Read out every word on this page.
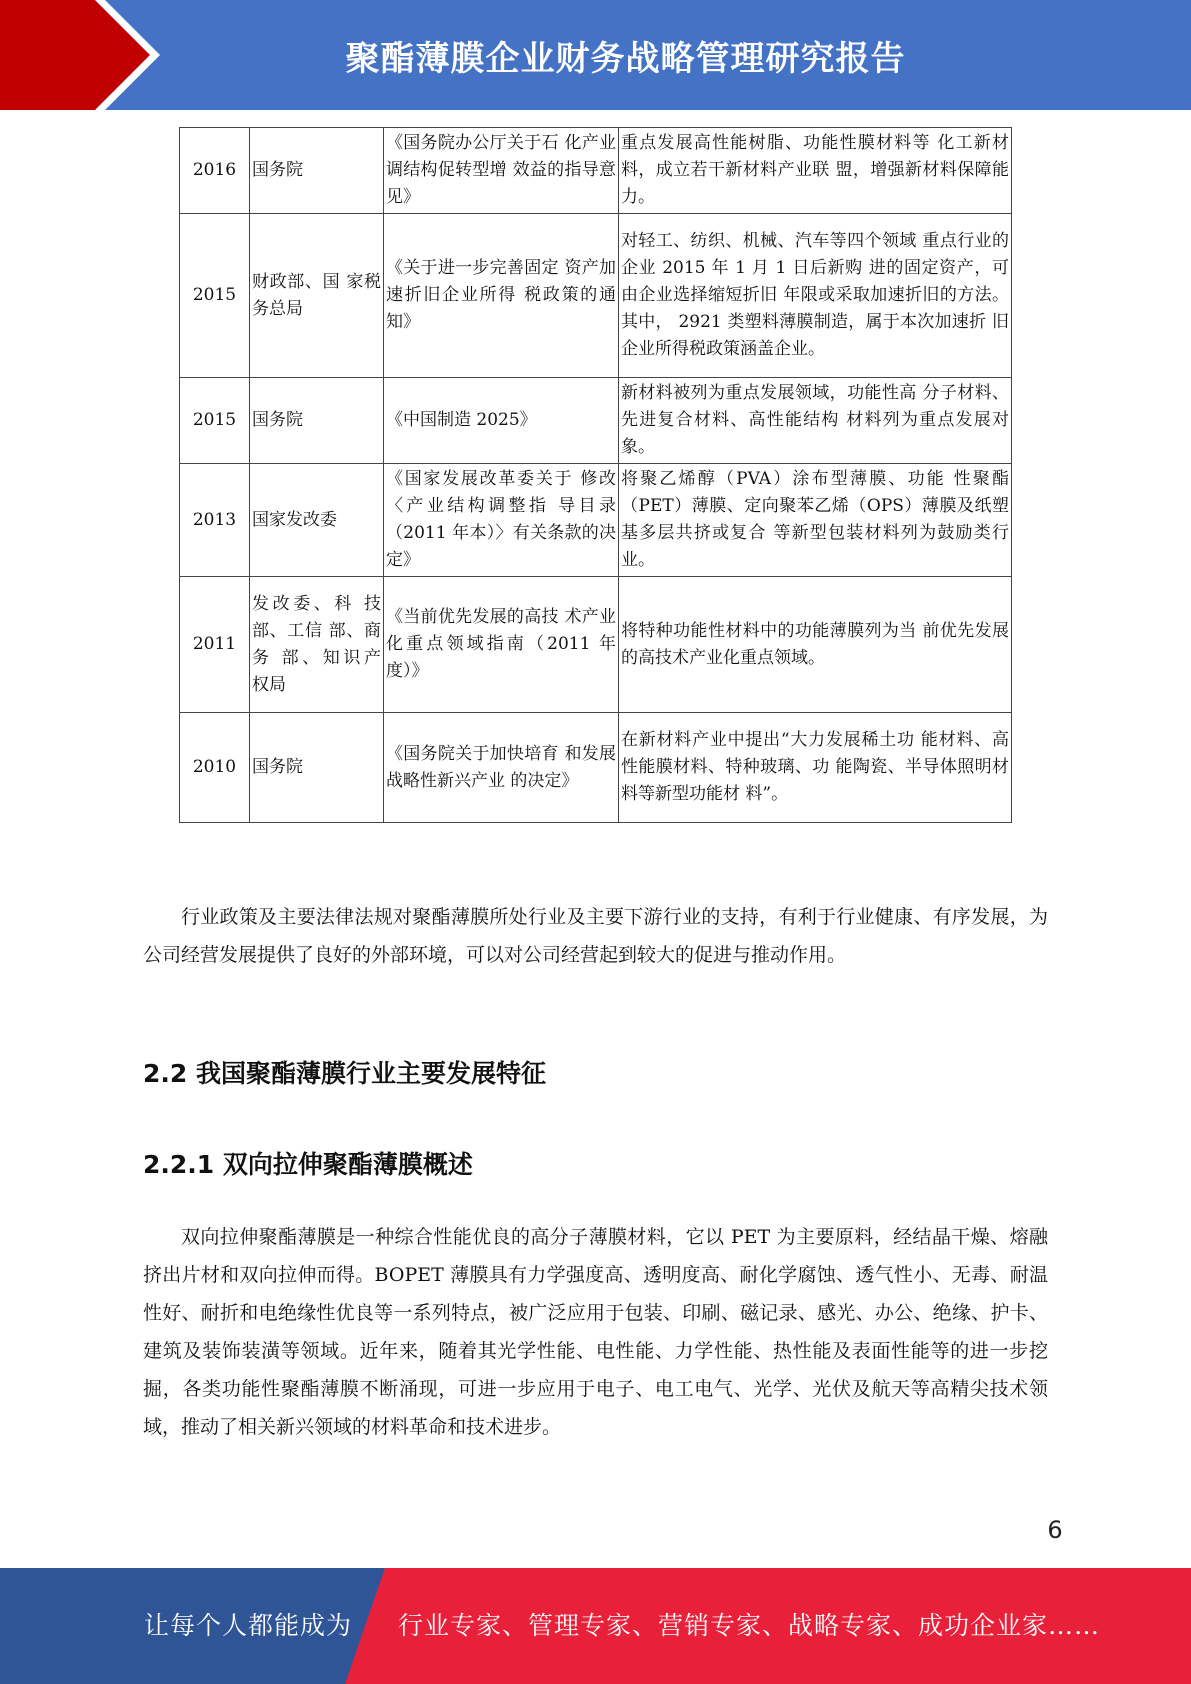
聚酯薄膜企业财务战略管理研究报告
2016	国务院	《国务院办公厅关于石 化产业调结构促转型增 效益的指导意见》	重点发展高性能树脂、功能性膜材料等 化工新材料，成立若干新材料产业联 盟，增强新材料保障能力。
2015	财政部、国 家税务总局	《关于进一步完善固定 资产加速折旧企业所得 税政策的通知》	对轻工、纺织、机械、汽车等四个领域 重点行业的企业 2015 年 1 月 1 日后新购 进的固定资产，可由企业选择缩短折旧 年限或采取加速折旧的方法。其中， 2921 类塑料薄膜制造，属于本次加速折 旧企业所得税政策涵盖企业。
2015	国务院	《中国制造 2025》	新材料被列为重点发展领域，功能性高 分子材料、先进复合材料、高性能结构 材料列为重点发展对象。
2013	国家发改委	《国家发展改革委关于 修改〈产业结构调整指 导目录（2011 年本）〉有关条款的决定》	将聚乙烯醇（PVA）涂布型薄膜、功能 性聚酯（PET）薄膜、定向聚苯乙烯（OPS）薄膜及纸塑基多层共挤或复合 等新型包装材料列为鼓励类行业。
2011	发改委、科 技部、工信 部、商务 部、知识产 权局	《当前优先发展的高技 术产业化重点领域指南（2011 年度）》	将特种功能性材料中的功能薄膜列为当 前优先发展的高技术产业化重点领域。
2010	国务院	《国务院关于加快培育 和发展战略性新兴产业 的决定》	在新材料产业中提出“大力发展稀土功 能材料、高性能膜材料、特种玻璃、功 能陶瓷、半导体照明材料等新型功能材 料”。

行业政策及主要法律法规对聚酯薄膜所处行业及主要下游行业的支持，有利于行业健康、有序发展，为公司经营发展提供了良好的外部环境，可以对公司经营起到较大的促进与推动作用。

2.2 我国聚酯薄膜行业主要发展特征
2.2.1 双向拉伸聚酯薄膜概述

双向拉伸聚酯薄膜是一种综合性能优良的高分子薄膜材料，它以 PET 为主要原料，经结晶干燥、熔融挤出片材和双向拉伸而得。BOPET 薄膜具有力学强度高、透明度高、耐化学腐蚀、透气性小、无毒、耐温性好、耐折和电绝缘性优良等一系列特点，被广泛应用于包装、印刷、磁记录、感光、办公、绝缘、护卡、建筑及装饰装潢等领域。近年来，随着其光学性能、电性能、力学性能、热性能及表面性能等的进一步挖掘，各类功能性聚酯薄膜不断涌现，可进一步应用于电子、电工电气、光学、光伏及航天等高精尖技术领域，推动了相关新兴领域的材料革命和技术进步。

6
让每个人都能成为 行业专家、管理专家、营销专家、战略专家、成功企业家……
